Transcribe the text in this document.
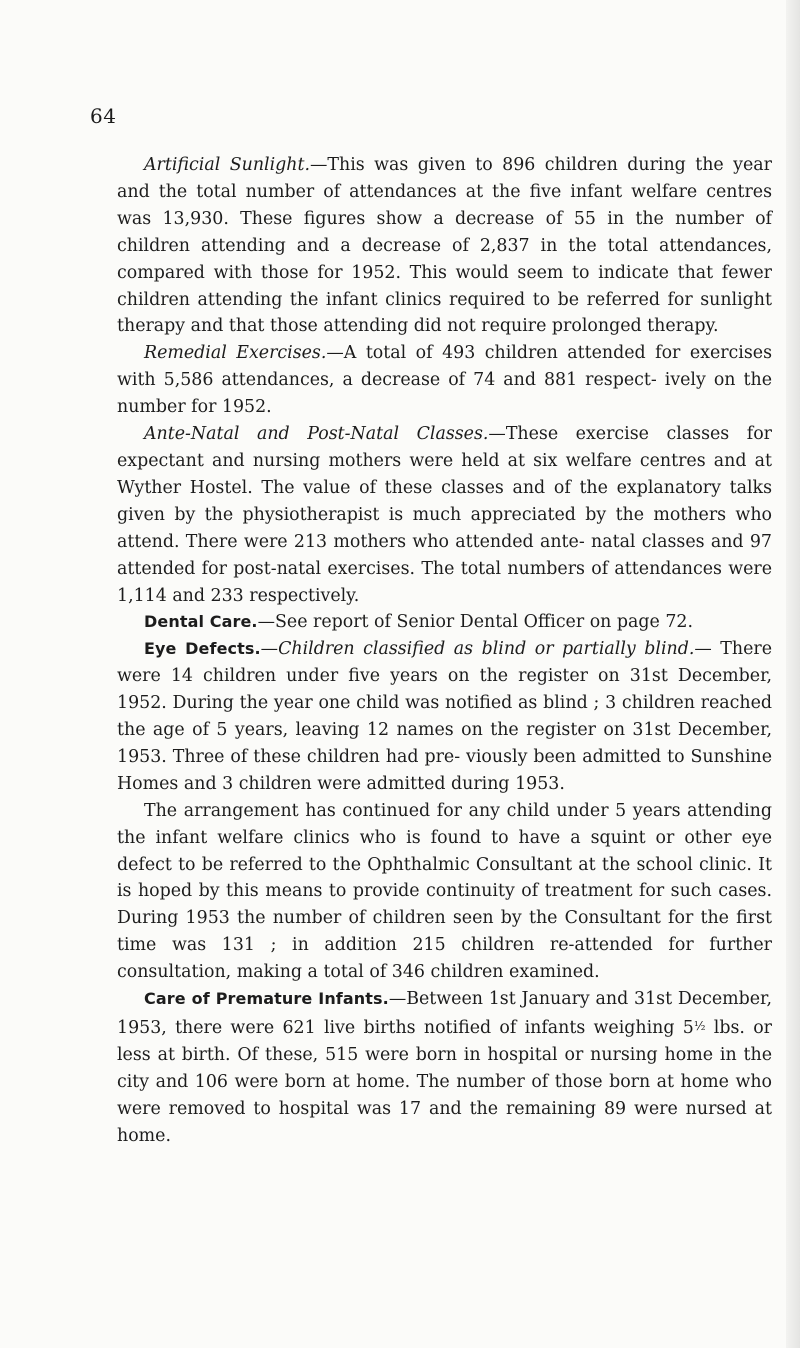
64

Artificial Sunlight.—This was given to 896 children during the year and the total number of attendances at the five infant welfare centres was 13,930. These figures show a decrease of 55 in the number of children attending and a decrease of 2,837 in the total attendances, compared with those for 1952. This would seem to indicate that fewer children attending the infant clinics required to be referred for sunlight therapy and that those attending did not require prolonged therapy.

Remedial Exercises.—A total of 493 children attended for exercises with 5,586 attendances, a decrease of 74 and 881 respect- ively on the number for 1952.

Ante-Natal and Post-Natal Classes.—These exercise classes for expectant and nursing mothers were held at six welfare centres and at Wyther Hostel. The value of these classes and of the explanatory talks given by the physiotherapist is much appreciated by the mothers who attend. There were 213 mothers who attended ante- natal classes and 97 attended for post-natal exercises. The total numbers of attendances were 1,114 and 233 respectively.

Dental Care.—See report of Senior Dental Officer on page 72.

Eye Defects.—Children classified as blind or partially blind.— There were 14 children under five years on the register on 31st December, 1952. During the year one child was notified as blind ; 3 children reached the age of 5 years, leaving 12 names on the register on 31st December, 1953. Three of these children had pre- viously been admitted to Sunshine Homes and 3 children were admitted during 1953.

The arrangement has continued for any child under 5 years attending the infant welfare clinics who is found to have a squint or other eye defect to be referred to the Ophthalmic Consultant at the school clinic. It is hoped by this means to provide continuity of treatment for such cases. During 1953 the number of children seen by the Consultant for the first time was 131 ; in addition 215 children re-attended for further consultation, making a total of 346 children examined.

Care of Premature Infants.—Between 1st January and 31st December, 1953, there were 621 live births notified of infants weighing 5½ lbs. or less at birth. Of these, 515 were born in hospital or nursing home in the city and 106 were born at home. The number of those born at home who were removed to hospital was 17 and the remaining 89 were nursed at home.
